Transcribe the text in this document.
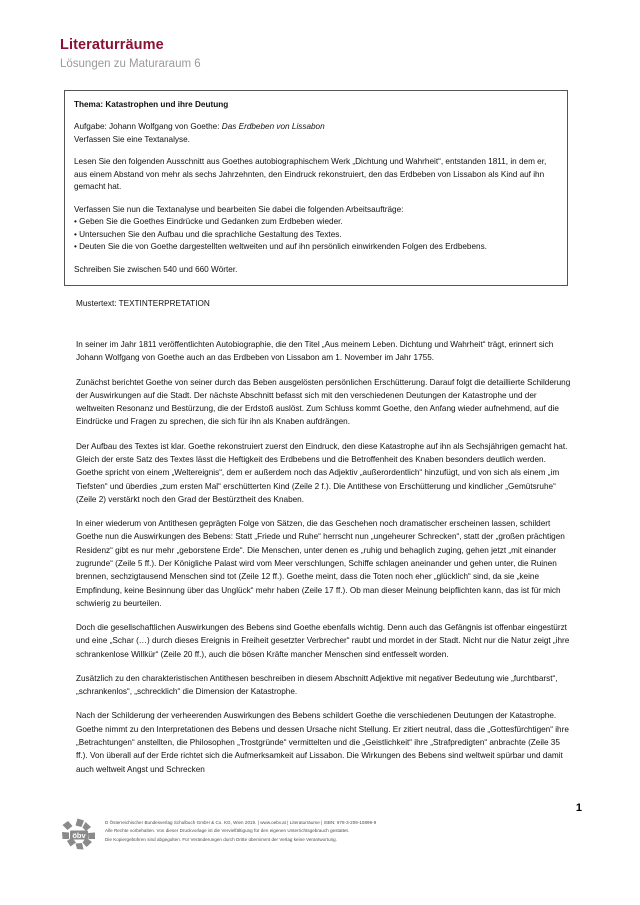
Literaturräume
Lösungen zu Maturaraum 6

Thema: Katastrophen und ihre Deutung

Aufgabe: Johann Wolfgang von Goethe: Das Erdbeben von Lissabon

Verfassen Sie eine Textanalyse.

Lesen Sie den folgenden Ausschnitt aus Goethes autobiographischem Werk „Dichtung und Wahrheit“, entstanden 1811, in dem er, aus einem Abstand von mehr als sechs Jahrzehnten, den Eindruck rekonstruiert, den das Erdbeben von Lissabon als Kind auf ihn gemacht hat.

Verfassen Sie nun die Textanalyse und bearbeiten Sie dabei die folgenden Arbeitsaufträge:

• Geben Sie die Goethes Eindrücke und Gedanken zum Erdbeben wieder.
• Untersuchen Sie den Aufbau und die sprachliche Gestaltung des Textes.
• Deuten Sie die von Goethe dargestellten weltweiten und auf ihn persönlich einwirkenden Folgen des Erdbebens.

Schreiben Sie zwischen 540 und 660 Wörter.

Mustertext: TEXTINTERPRETATION

In seiner im Jahr 1811 veröffentlichten Autobiographie, die den Titel „Aus meinem Leben. Dichtung und Wahrheit“ trägt, erinnert sich Johann Wolfgang von Goethe auch an das Erdbeben von Lissabon am 1. November im Jahr 1755.

Zunächst berichtet Goethe von seiner durch das Beben ausgelösten persönlichen Erschütterung. Darauf folgt die detaillierte Schilderung der Auswirkungen auf die Stadt. Der nächste Abschnitt befasst sich mit den verschiedenen Deutungen der Katastrophe und der weltweiten Resonanz und Bestürzung, die der Erdstoß auslöst. Zum Schluss kommt Goethe, den Anfang wieder aufnehmend, auf die Eindrücke und Fragen zu sprechen, die sich für ihn als Knaben aufdrängen.

Der Aufbau des Textes ist klar. Goethe rekonstruiert zuerst den Eindruck, den diese Katastrophe auf ihn als Sechsjährigen gemacht hat. Gleich der erste Satz des Textes lässt die Heftigkeit des Erdbebens und die Betroffenheit des Knaben besonders deutlich werden. Goethe spricht von einem „Weltereignis“, dem er außerdem noch das Adjektiv „außerordentlich“ hinzufügt, und von sich als einem „im Tiefsten“ und überdies „zum ersten Mal“ erschütterten Kind (Zeile 2 f.). Die Antithese von Erschütterung und kindlicher „Gemütsruhe“ (Zeile 2) verstärkt noch den Grad der Bestürztheit des Knaben.

In einer wiederum von Antithesen geprägten Folge von Sätzen, die das Geschehen noch dramatischer erscheinen lassen, schildert Goethe nun die Auswirkungen des Bebens: Statt „Friede und Ruhe“ herrscht nun „ungeheurer Schrecken“, statt der „großen prächtigen Residenz“ gibt es nur mehr „geborstene Erde“. Die Menschen, unter denen es „ruhig und behaglich zuging, gehen jetzt „mit einander zugrunde“ (Zeile 5 ff.). Der Königliche Palast wird vom Meer verschlungen, Schiffe schlagen aneinander und gehen unter, die Ruinen brennen, sechzigtausend Menschen sind tot (Zeile 12 ff.). Goethe meint, dass die Toten noch eher „glücklich“ sind, da sie „keine Empfindung, keine Besinnung über das Unglück“ mehr haben (Zeile 17 ff.). Ob man dieser Meinung beipflichten kann, das ist für mich schwierig zu beurteilen.

Doch die gesellschaftlichen Auswirkungen des Bebens sind Goethe ebenfalls wichtig. Denn auch das Gefängnis ist offenbar eingestürzt und eine „Schar (…) durch dieses Ereignis in Freiheit gesetzter Verbrecher“ raubt und mordet in der Stadt. Nicht nur die Natur zeigt „ihre schrankenlose Willkür“ (Zeile 20 ff.), auch die bösen Kräfte mancher Menschen sind entfesselt worden.

Zusätzlich zu den charakteristischen Antithesen beschreiben in diesem Abschnitt Adjektive mit negativer Bedeutung wie „furchtbarst“, „schrankenlos“, „schrecklich“ die Dimension der Katastrophe.

Nach der Schilderung der verheerenden Auswirkungen des Bebens schildert Goethe die verschiedenen Deutungen der Katastrophe. Goethe nimmt zu den Interpretationen des Bebens und dessen Ursache nicht Stellung. Er zitiert neutral, dass die „Gottesfürchtigen“ ihre „Betrachtungen“ anstellten, die Philosophen „Trostgründe“ vermittelten und die „Geistlichkeit“ ihre „Strafpredigten“ anbrachte (Zeile 35 ff.). Von überall auf der Erde richtet sich die Aufmerksamkeit auf Lissabon. Die Wirkungen des Bebens sind weltweit spürbar und damit auch weltweit Angst und Schrecken

1
öbv
D Österreichischer Bundesverlag Schulbuch GmbH & Co. KG, Wien 2019. | www.oebv.at | Literaturräume | ISBN: 978-3-209-10899-9
Alle Rechte vorbehalten. Von dieser Druckvorlage ist die Vervielfältigung für den eigenen Unterrichtsgebrauch gestattet.
Die Kopiergebühren sind abgegolten. Für Veränderungen durch Dritte übernimmt der Verlag keine Verantwortung.
